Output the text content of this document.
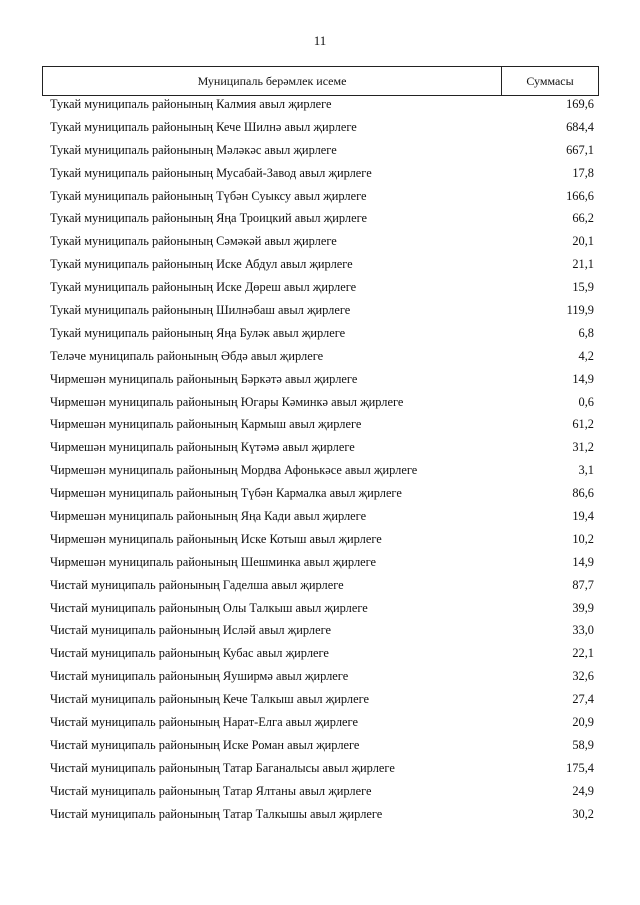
11
Муниципаль берәмлек исеме	Суммасы
Тукай муниципаль районының Калмия авыл җирлеге	169,6
Тукай муниципаль районының Кече Шилнә авыл җирлеге	684,4
Тукай муниципаль районының Мәләкәс авыл җирлеге	667,1
Тукай муниципаль районының Мусабай-Завод авыл җирлеге	17,8
Тукай муниципаль районының Түбән Суыксу авыл җирлеге	166,6
Тукай муниципаль районының Яңа Троицкий авыл җирлеге	66,2
Тукай муниципаль районының Сәмәкәй авыл җирлеге	20,1
Тукай муниципаль районының Иске Абдул авыл җирлеге	21,1
Тукай муниципаль районының Иске Дөреш авыл җирлеге	15,9
Тукай муниципаль районының Шилнәбаш авыл җирлеге	119,9
Тукай муниципаль районының Яңа Буләк авыл җирлеге	6,8
Теләче муниципаль районының Әбдә авыл җирлеге	4,2
Чирмешән муниципаль районының Бәркәтә авыл җирлеге	14,9
Чирмешән муниципаль районының Югары Кәминкә авыл җирлеге	0,6
Чирмешән муниципаль районының Кармыш авыл җирлеге	61,2
Чирмешән муниципаль районының Күтәмә авыл җирлеге	31,2
Чирмешән муниципаль районының Мордва Афонькәсе авыл җирлеге	3,1
Чирмешән муниципаль районының Түбән Кармалка авыл җирлеге	86,6
Чирмешән муниципаль районының Яңа Кади авыл җирлеге	19,4
Чирмешән муниципаль районының Иске Котыш авыл җирлеге	10,2
Чирмешән муниципаль районының Шешминка авыл җирлеге	14,9
Чистай муниципаль районының Гаделша авыл җирлеге	87,7
Чистай муниципаль районының Олы Талкыш авыл җирлеге	39,9
Чистай муниципаль районының Исләй авыл җирлеге	33,0
Чистай муниципаль районының Кубас авыл җирлеге	22,1
Чистай муниципаль районының Яуширмә авыл җирлеге	32,6
Чистай муниципаль районының Кече Талкыш авыл җирлеге	27,4
Чистай муниципаль районының Нарат-Елга авыл җирлеге	20,9
Чистай муниципаль районының Иске Роман авыл җирлеге	58,9
Чистай муниципаль районының Татар Баганалысы авыл җирлеге	175,4
Чистай муниципаль районының Татар Ялтаны авыл җирлеге	24,9
Чистай муниципаль районының Татар Талкышы авыл җирлеге	30,2
